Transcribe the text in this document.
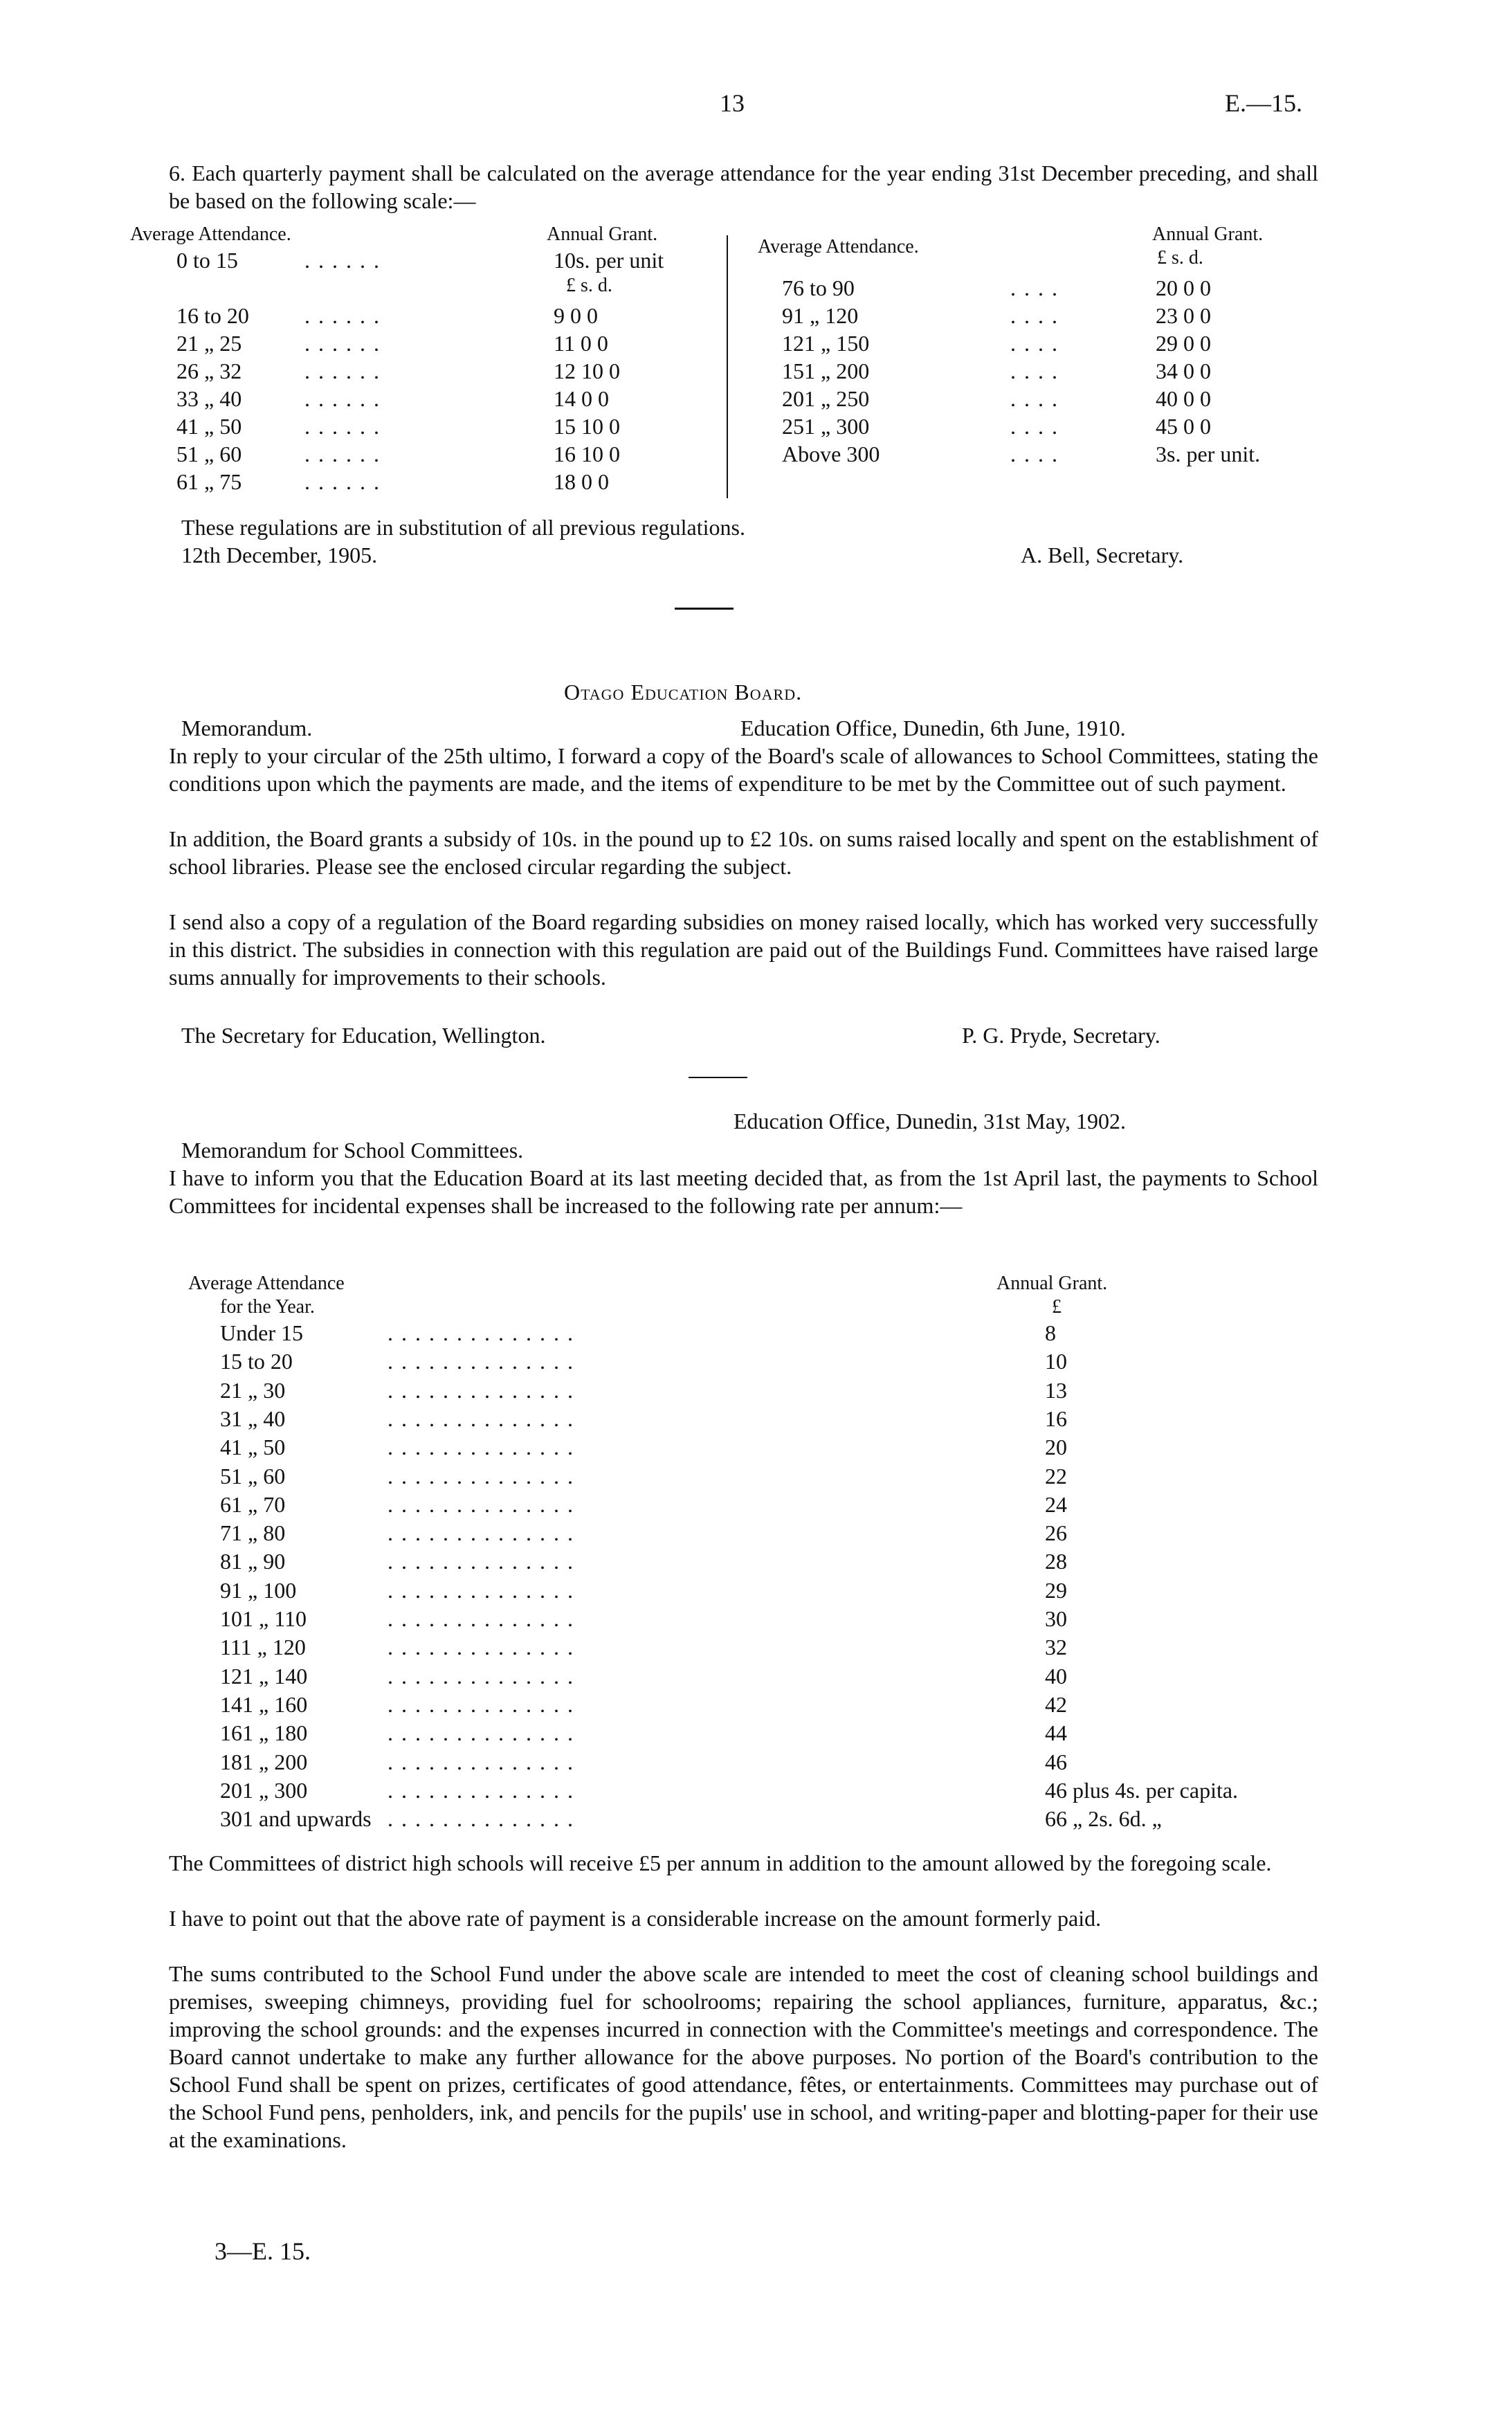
13	E.—15.
6. Each quarterly payment shall be calculated on the average attendance for the year ending 31st December preceding, and shall be based on the following scale:—
Average Attendance.	Annual Grant.
£ s. d.
0 to 15	. . . . . .	10s. per unit
16 to 20	. . . . . .	9 0 0
21 „ 25	. . . . . .	11 0 0
26 „ 32	. . . . . .	12 10 0
33 „ 40	. . . . . .	14 0 0
41 „ 50	. . . . . .	15 10 0
51 „ 60	. . . . . .	16 10 0
61 „ 75	. . . . . .	18 0 0
Average Attendance.
Annual Grant.
£ s. d.
76 to 90	. . . .	20 0 0
91 „ 120	. . . .	23 0 0
121 „ 150	. . . .	29 0 0
151 „ 200	. . . .	34 0 0
201 „ 250	. . . .	40 0 0
251 „ 300	. . . .	45 0 0
Above 300	. . . .	3s. per unit.
These regulations are in substitution of all previous regulations.
12th December, 1905.	A. Bell, Secretary.
Otago Education Board.
Memorandum.	Education Office, Dunedin, 6th June, 1910.
In reply to your circular of the 25th ultimo, I forward a copy of the Board's scale of allowances to School Committees, stating the conditions upon which the payments are made, and the items of expenditure to be met by the Committee out of such payment.
In addition, the Board grants a subsidy of 10s. in the pound up to £2 10s. on sums raised locally and spent on the establishment of school libraries. Please see the enclosed circular regarding the subject.
I send also a copy of a regulation of the Board regarding subsidies on money raised locally, which has worked very successfully in this district. The subsidies in connection with this regulation are paid out of the Buildings Fund. Committees have raised large sums annually for improvements to their schools.
The Secretary for Education, Wellington.	P. G. Pryde, Secretary.
Education Office, Dunedin, 31st May, 1902.
Memorandum for School Committees.
I have to inform you that the Education Board at its last meeting decided that, as from the 1st April last, the payments to School Committees for incidental expenses shall be increased to the following rate per annum:—
Average Attendance
for the Year.
Annual Grant.
£
Under 15	. . . . . . . . . . . . . .	8
15 to 20	. . . . . . . . . . . . . .	10
21 „ 30	. . . . . . . . . . . . . .	13
31 „ 40	. . . . . . . . . . . . . .	16
41 „ 50	. . . . . . . . . . . . . .	20
51 „ 60	. . . . . . . . . . . . . .	22
61 „ 70	. . . . . . . . . . . . . .	24
71 „ 80	. . . . . . . . . . . . . .	26
81 „ 90	. . . . . . . . . . . . . .	28
91 „ 100	. . . . . . . . . . . . . .	29
101 „ 110	. . . . . . . . . . . . . .	30
111 „ 120	. . . . . . . . . . . . . .	32
121 „ 140	. . . . . . . . . . . . . .	40
141 „ 160	. . . . . . . . . . . . . .	42
161 „ 180	. . . . . . . . . . . . . .	44
181 „ 200	. . . . . . . . . . . . . .	46
201 „ 300	. . . . . . . . . . . . . .	46 plus 4s. per capita.
301 and upwards . . . . . . . . . . . . . .	66 „ 2s. 6d. „
The Committees of district high schools will receive £5 per annum in addition to the amount allowed by the foregoing scale.
I have to point out that the above rate of payment is a considerable increase on the amount formerly paid.
The sums contributed to the School Fund under the above scale are intended to meet the cost of cleaning school buildings and premises, sweeping chimneys, providing fuel for schoolrooms; repairing the school appliances, furniture, apparatus, &c.; improving the school grounds: and the expenses incurred in connection with the Committee's meetings and correspondence. The Board cannot undertake to make any further allowance for the above purposes. No portion of the Board's contribution to the School Fund shall be spent on prizes, certificates of good attendance, fêtes, or entertainments. Committees may purchase out of the School Fund pens, penholders, ink, and pencils for the pupils' use in school, and writing-paper and blotting-paper for their use at the examinations.
3—E. 15.
